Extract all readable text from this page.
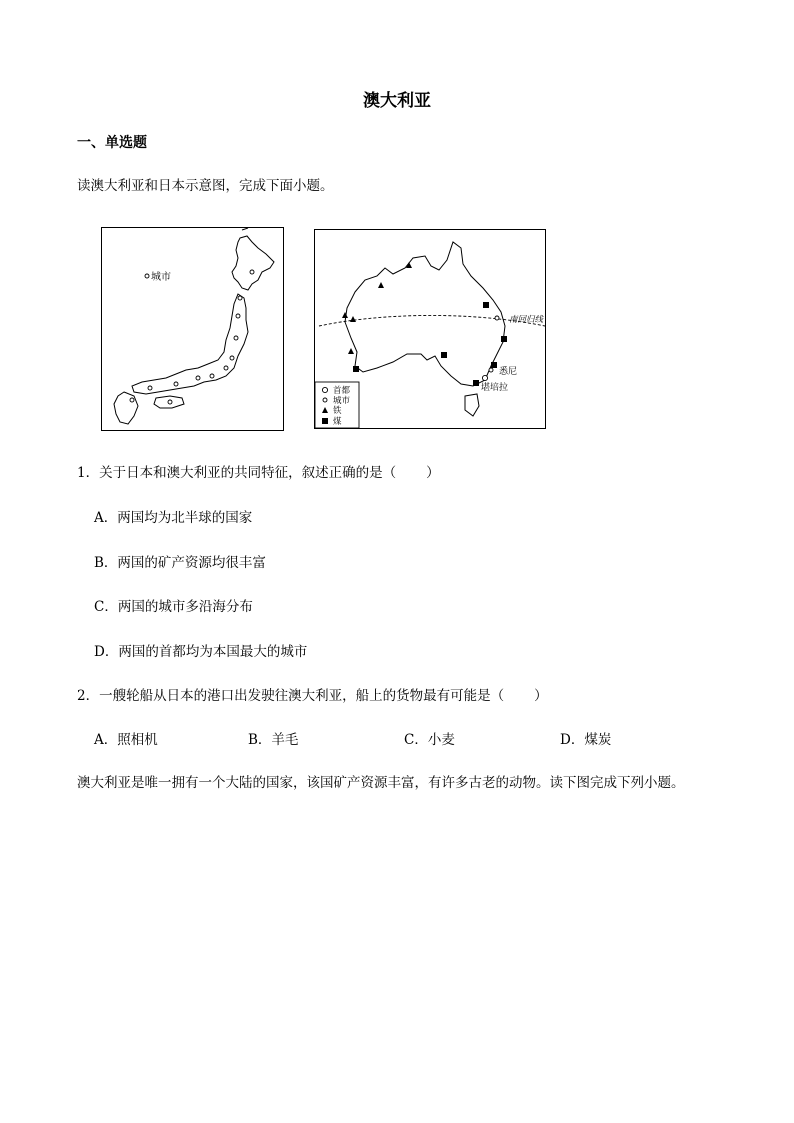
澳大利亚
一、单选题
读澳大利亚和日本示意图，完成下面小题。
城市
南回归线
悉尼
堪培拉
首都
城市
铁
煤
1．关于日本和澳大利亚的共同特征，叙述正确的是（ ）
A．两国均为北半球的国家
B．两国的矿产资源均很丰富
C．两国的城市多沿海分布
D．两国的首都均为本国最大的城市
2．一艘轮船从日本的港口出发驶往澳大利亚，船上的货物最有可能是（ ）
A．照相机	B．羊毛	C．小麦	D．煤炭
澳大利亚是唯一拥有一个大陆的国家，该国矿产资源丰富，有许多古老的动物。读下图完成下列小题。
